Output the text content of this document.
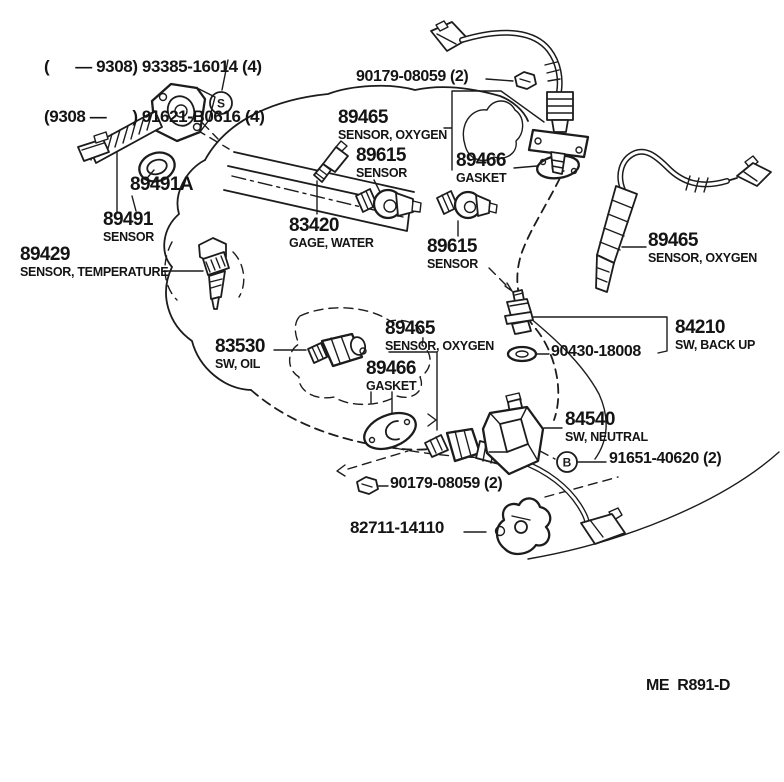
S
B

(      — 9308) 93385-16014 (4)

(9308 —      ) 91621-B0616 (4)

90179-08059 (2)
89465
SENSOR, OXYGEN
89615
SENSOR
89466
GASKET
89491A
89491
SENSOR
83420
GAGE, WATER
89429
SENSOR, TEMPERATURE
89615
SENSOR
89465
SENSOR, OXYGEN
89465
SENSOR, OXYGEN
84210
SW, BACK UP
90430-18008
83530
SW, OIL	89466
GASKET
84540
SW, NEUTRAL
91651-40620 (2)
90179-08059 (2)
82711-14110

ME  R891-D
